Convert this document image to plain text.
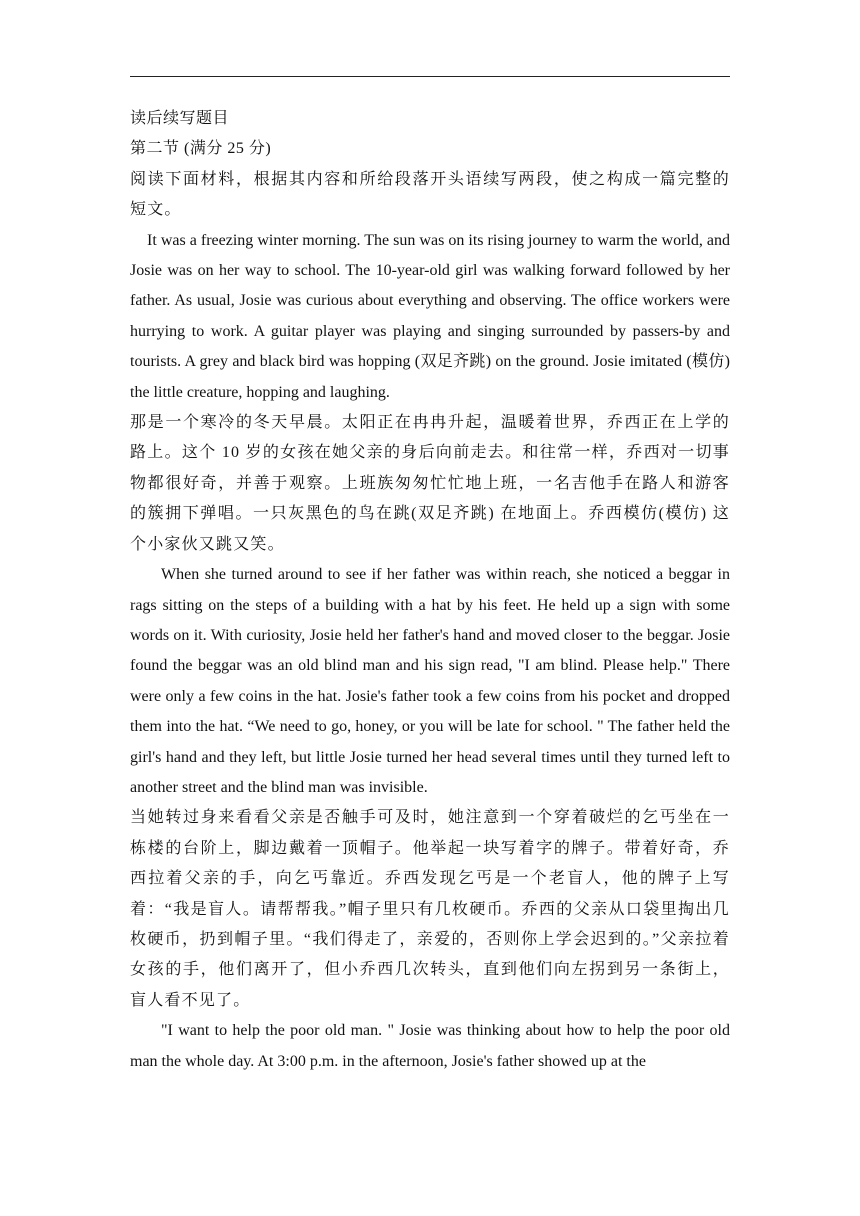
读后续写题目

第二节 (满分 25 分)

阅读下面材料，根据其内容和所给段落开头语续写两段，使之构成一篇完整的短文。

It was a freezing winter morning. The sun was on its rising journey to warm the world, and Josie was on her way to school. The 10-year-old girl was walking forward followed by her father. As usual, Josie was curious about everything and observing. The office workers were hurrying to work. A guitar player was playing and singing surrounded by passers-by and tourists. A grey and black bird was hopping (双足齐跳) on the ground. Josie imitated (模仿) the little creature, hopping and laughing.

那是一个寒冷的冬天早晨。太阳正在冉冉升起，温暖着世界，乔西正在上学的路上。这个 10 岁的女孩在她父亲的身后向前走去。和往常一样，乔西对一切事物都很好奇，并善于观察。上班族匆匆忙忙地上班，一名吉他手在路人和游客的簇拥下弹唱。一只灰黑色的鸟在跳(双足齐跳) 在地面上。乔西模仿(模仿) 这个小家伙又跳又笑。

When she turned around to see if her father was within reach, she noticed a beggar in rags sitting on the steps of a building with a hat by his feet. He held up a sign with some words on it. With curiosity, Josie held her father's hand and moved closer to the beggar. Josie found the beggar was an old blind man and his sign read, "I am blind. Please help." There were only a few coins in the hat. Josie's father took a few coins from his pocket and dropped them into the hat. “We need to go, honey, or you will be late for school. " The father held the girl's hand and they left, but little Josie turned her head several times until they turned left to another street and the blind man was invisible.

当她转过身来看看父亲是否触手可及时，她注意到一个穿着破烂的乞丐坐在一栋楼的台阶上，脚边戴着一顶帽子。他举起一块写着字的牌子。带着好奇，乔西拉着父亲的手，向乞丐靠近。乔西发现乞丐是一个老盲人，他的牌子上写着：“我是盲人。请帮帮我。”帽子里只有几枚硬币。乔西的父亲从口袋里掏出几枚硬币，扔到帽子里。“我们得走了，亲爱的，否则你上学会迟到的。”父亲拉着女孩的手，他们离开了，但小乔西几次转头，直到他们向左拐到另一条街上，盲人看不见了。

"I want to help the poor old man. " Josie was thinking about how to help the poor old man the whole day. At 3:00 p.m. in the afternoon, Josie's father showed up at the
